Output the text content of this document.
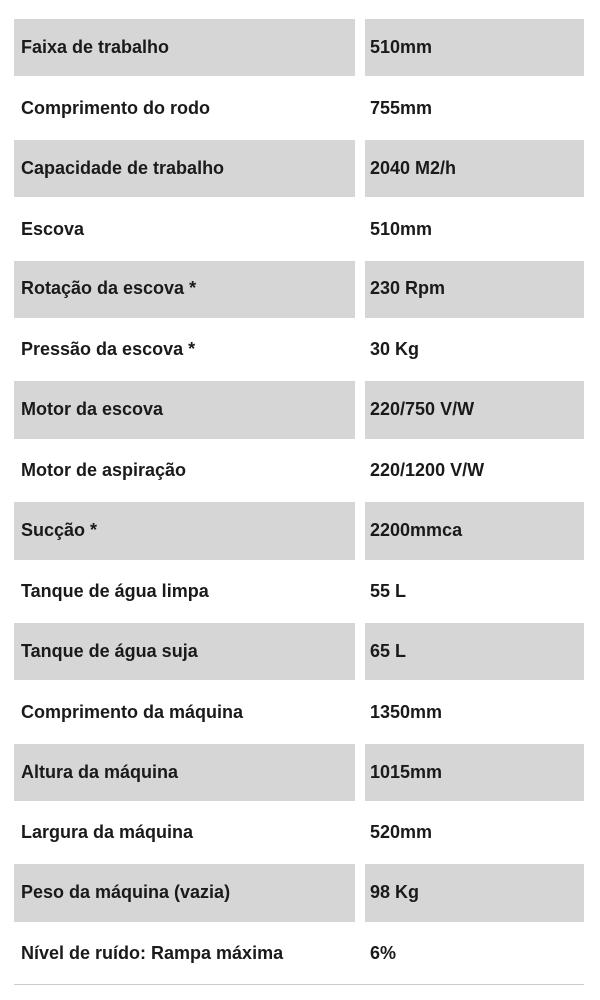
Faixa de trabalho	510mm
Comprimento do rodo	755mm
Capacidade de trabalho	2040 M2/h
Escova	510mm
Rotação da escova *	230 Rpm
Pressão da escova *	30 Kg
Motor da escova	220/750 V/W
Motor de aspiração	220/1200 V/W
Sucção *	2200mmca
Tanque de água limpa	55 L
Tanque de água suja	65 L
Comprimento da máquina	1350mm
Altura da máquina	1015mm
Largura da máquina	520mm
Peso da máquina (vazia)	98 Kg
Nível de ruído: Rampa máxima	6%
